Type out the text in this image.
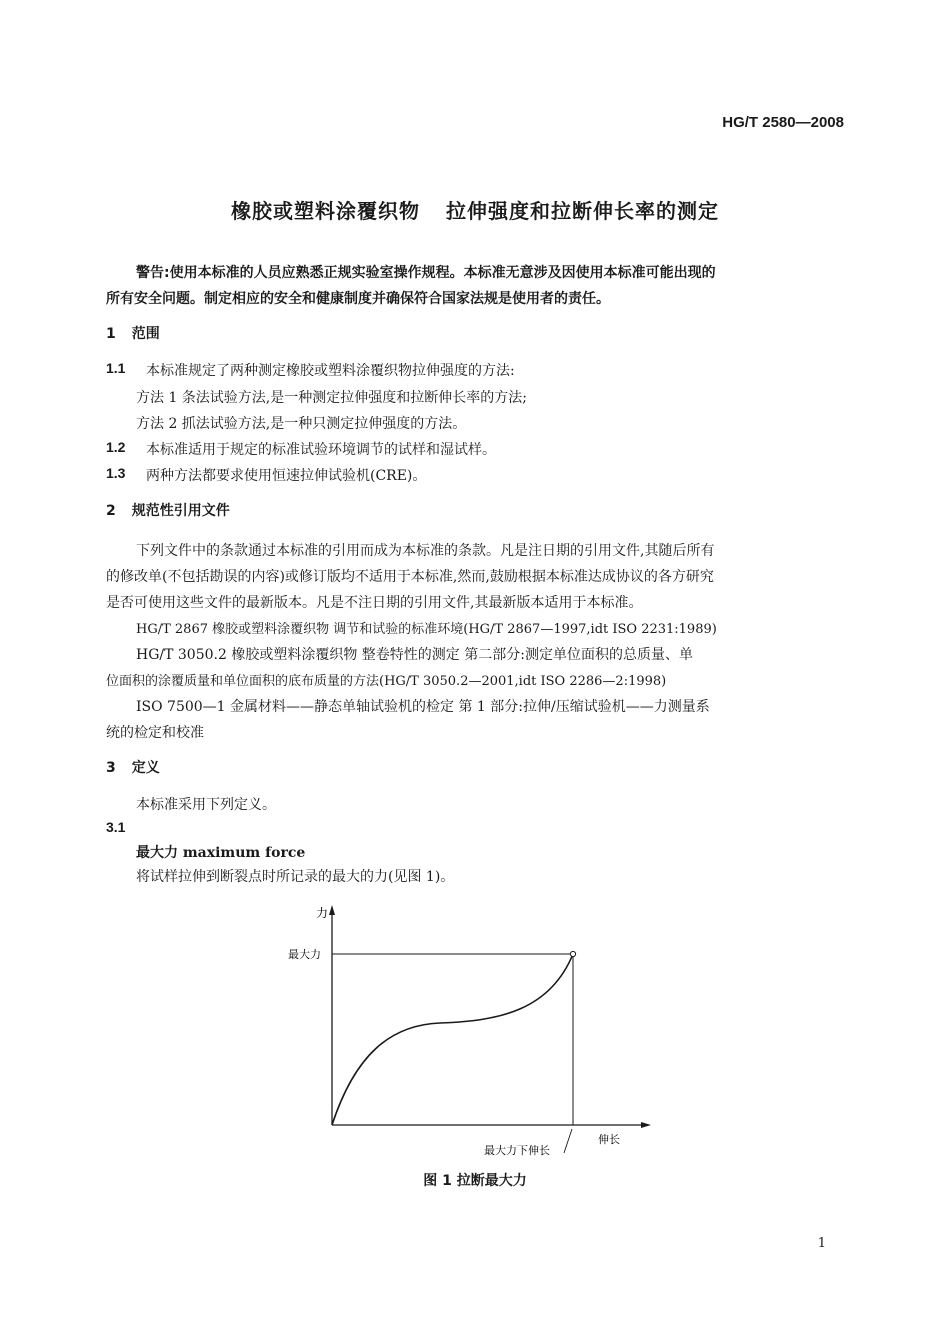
HG/T 2580—2008
橡胶或塑料涂覆织物 拉伸强度和拉断伸长率的测定
警告:使用本标准的人员应熟悉正规实验室操作规程。本标准无意涉及因使用本标准可能出现的
所有安全问题。制定相应的安全和健康制度并确保符合国家法规是使用者的责任。
1 范围
1.1 本标准规定了两种测定橡胶或塑料涂覆织物拉伸强度的方法:
方法 1 条法试验方法,是一种测定拉伸强度和拉断伸长率的方法;
方法 2 抓法试验方法,是一种只测定拉伸强度的方法。
1.2 本标准适用于规定的标准试验环境调节的试样和湿试样。
1.3 两种方法都要求使用恒速拉伸试验机(CRE)。
2 规范性引用文件
下列文件中的条款通过本标准的引用而成为本标准的条款。凡是注日期的引用文件,其随后所有
的修改单(不包括勘误的内容)或修订版均不适用于本标准,然而,鼓励根据本标准达成协议的各方研究
是否可使用这些文件的最新版本。凡是不注日期的引用文件,其最新版本适用于本标准。
HG/T 2867 橡胶或塑料涂覆织物 调节和试验的标准环境(HG/T 2867—1997,idt ISO 2231:1989)
HG/T 3050.2 橡胶或塑料涂覆织物 整卷特性的测定 第二部分:测定单位面积的总质量、单
位面积的涂覆质量和单位面积的底布质量的方法(HG/T 3050.2—2001,idt ISO 2286—2:1998)
ISO 7500—1 金属材料——静态单轴试验机的检定 第 1 部分:拉伸/压缩试验机——力测量系
统的检定和校准
3 定义
本标准采用下列定义。
3.1
最大力 maximum force
将试样拉伸到断裂点时所记录的最大的力(见图 1)。
力
最大力
伸长
最大力下伸长
图 1 拉断最大力
1
